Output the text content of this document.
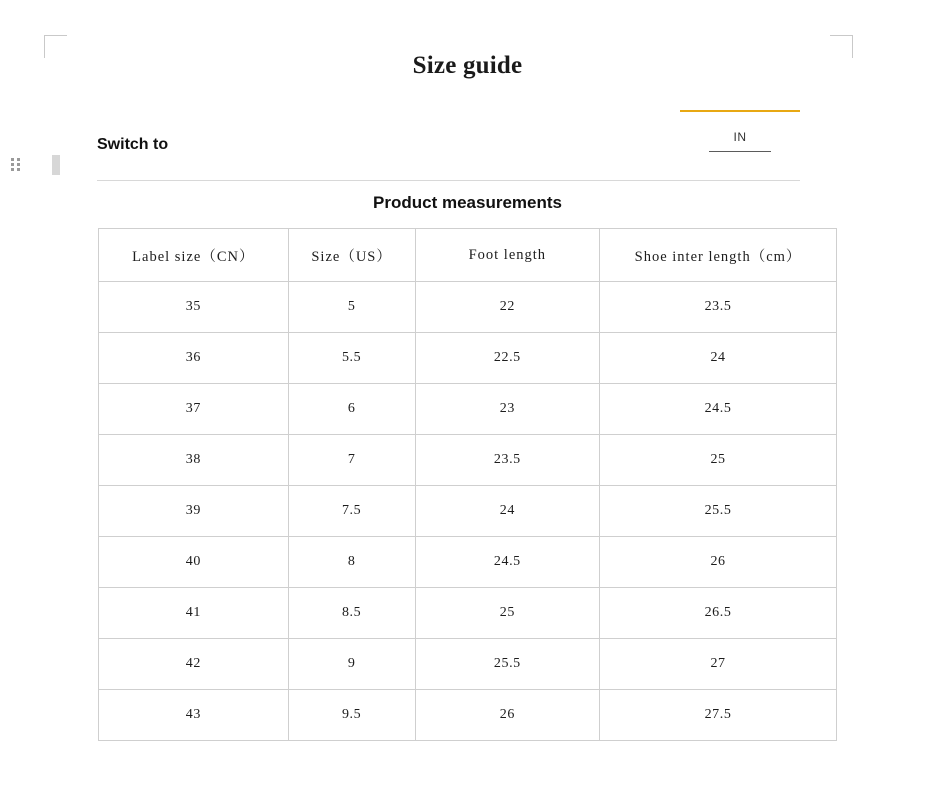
Size guide
Switch to	IN
Product measurements
Label size（CN）	Size（US）	Foot length	Shoe inter length（cm）
35	5	22	23.5
36	5.5	22.5	24
37	6	23	24.5
38	7	23.5	25
39	7.5	24	25.5
40	8	24.5	26
41	8.5	25	26.5
42	9	25.5	27
43	9.5	26	27.5
